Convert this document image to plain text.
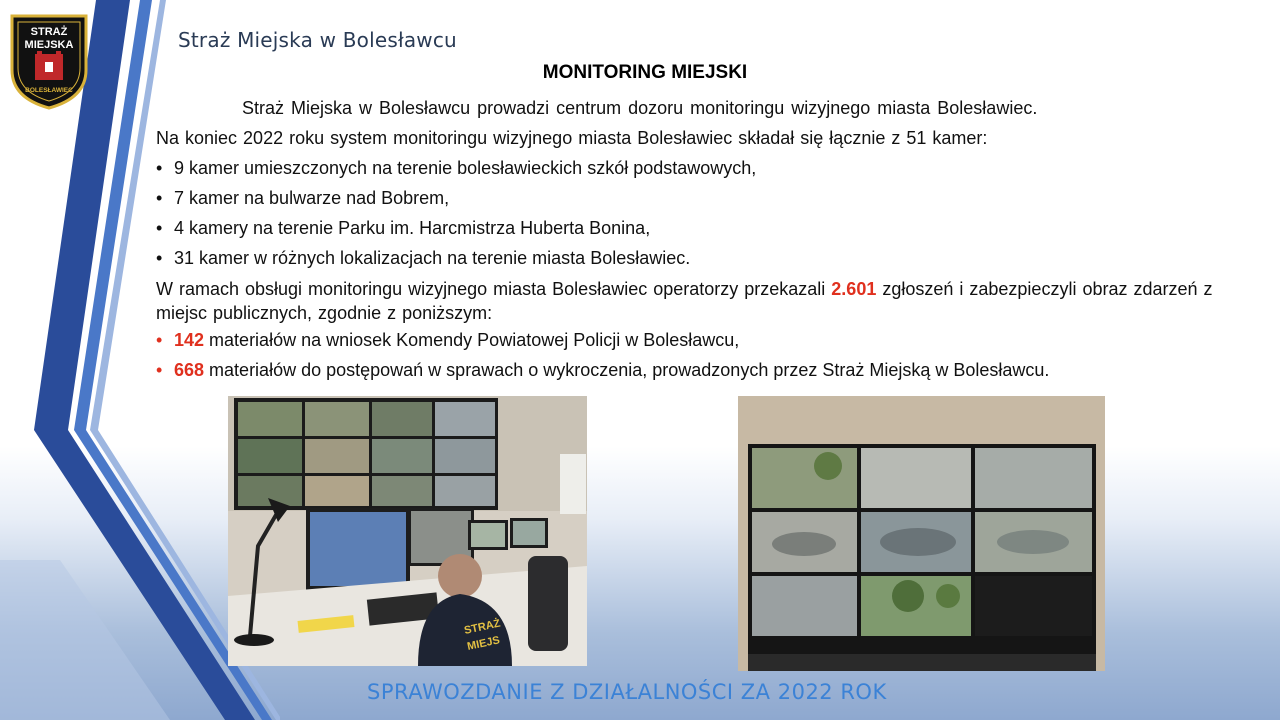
STRAŻ
MIEJSKA
BOLESŁAWIEC
Straż Miejska w Bolesławcu
MONITORING MIEJSKI
Straż Miejska w Bolesławcu prowadzi centrum dozoru monitoringu wizyjnego miasta Bolesławiec.
Na koniec 2022 roku system monitoringu wizyjnego miasta Bolesławiec składał się łącznie z 51 kamer:
• 9 kamer umieszczonych na terenie bolesławieckich szkół podstawowych,
• 7 kamer na bulwarze nad Bobrem,
• 4 kamery na terenie Parku im. Harcmistrza Huberta Bonina,
• 31 kamer w różnych lokalizacjach na terenie miasta Bolesławiec.
W ramach obsługi monitoringu wizyjnego miasta Bolesławiec operatorzy przekazali 2.601 zgłoszeń i zabezpieczyli obraz zdarzeń z miejsc publicznych, zgodnie z poniższym:
• 142 materiałów na wniosek Komendy Powiatowej Policji w Bolesławcu,
• 668 materiałów do postępowań w sprawach o wykroczenia, prowadzonych przez Straż Miejską w Bolesławcu.
STRAŻ
MIEJS
SPRAWOZDANIE Z DZIAŁALNOŚCI ZA 2022 ROK
